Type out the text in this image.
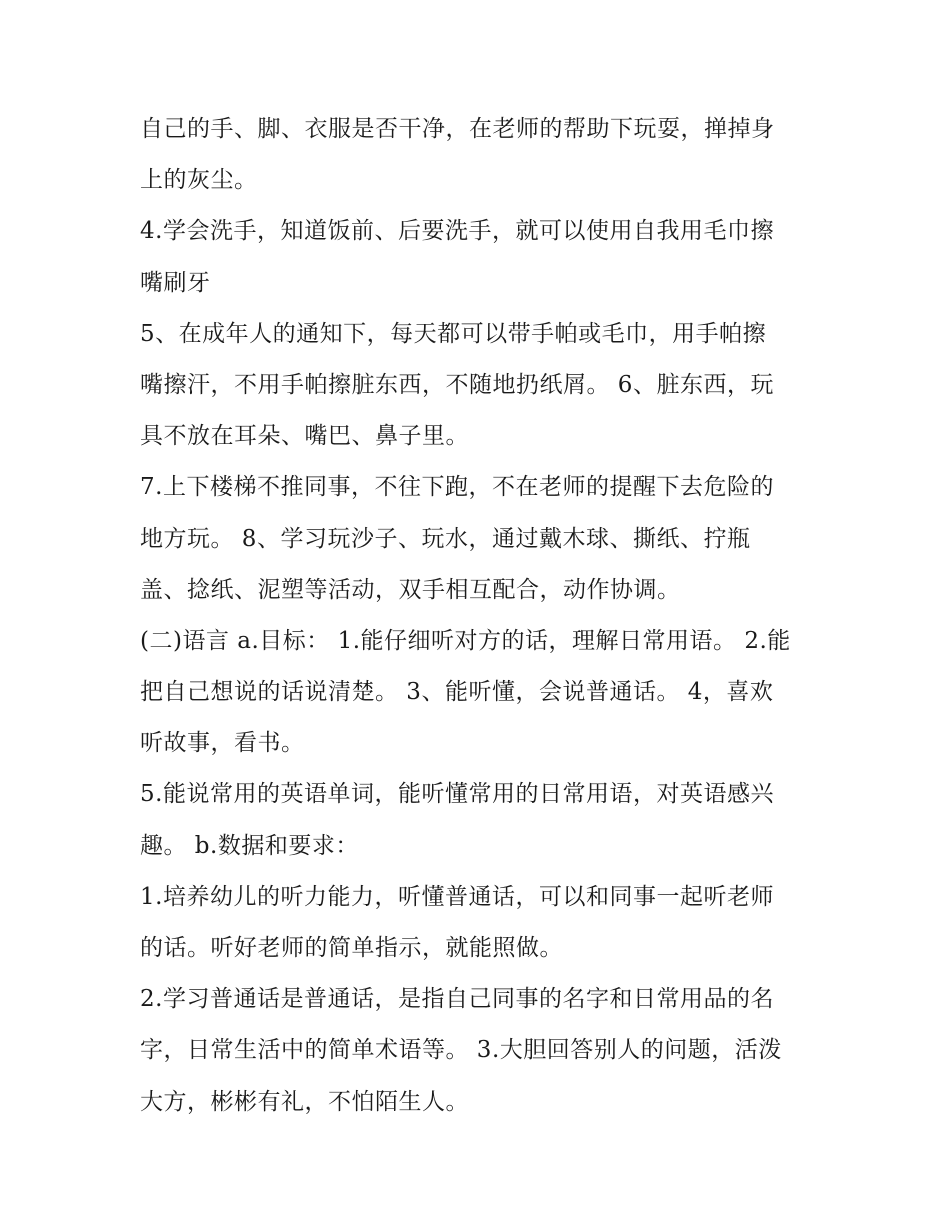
自己的手、脚、衣服是否干净，在老师的帮助下玩耍，掸掉身
上的灰尘。
4.学会洗手，知道饭前、后要洗手，就可以使用自我用毛巾擦
嘴刷牙
5、在成年人的通知下，每天都可以带手帕或毛巾，用手帕擦
嘴擦汗，不用手帕擦脏东西，不随地扔纸屑。 6、脏东西，玩
具不放在耳朵、嘴巴、鼻子里。
7.上下楼梯不推同事，不往下跑，不在老师的提醒下去危险的
地方玩。 8、学习玩沙子、玩水，通过戴木球、撕纸、拧瓶
盖、捻纸、泥塑等活动，双手相互配合，动作协调。
(二)语言 a.目标： 1.能仔细听对方的话，理解日常用语。 2.能
把自己想说的话说清楚。 3、能听懂，会说普通话。 4，喜欢
听故事，看书。
5.能说常用的英语单词，能听懂常用的日常用语，对英语感兴
趣。 b.数据和要求：
1.培养幼儿的听力能力，听懂普通话，可以和同事一起听老师
的话。听好老师的简单指示，就能照做。
2.学习普通话是普通话，是指自己同事的名字和日常用品的名
字，日常生活中的简单术语等。 3.大胆回答别人的问题，活泼
大方，彬彬有礼，不怕陌生人。
